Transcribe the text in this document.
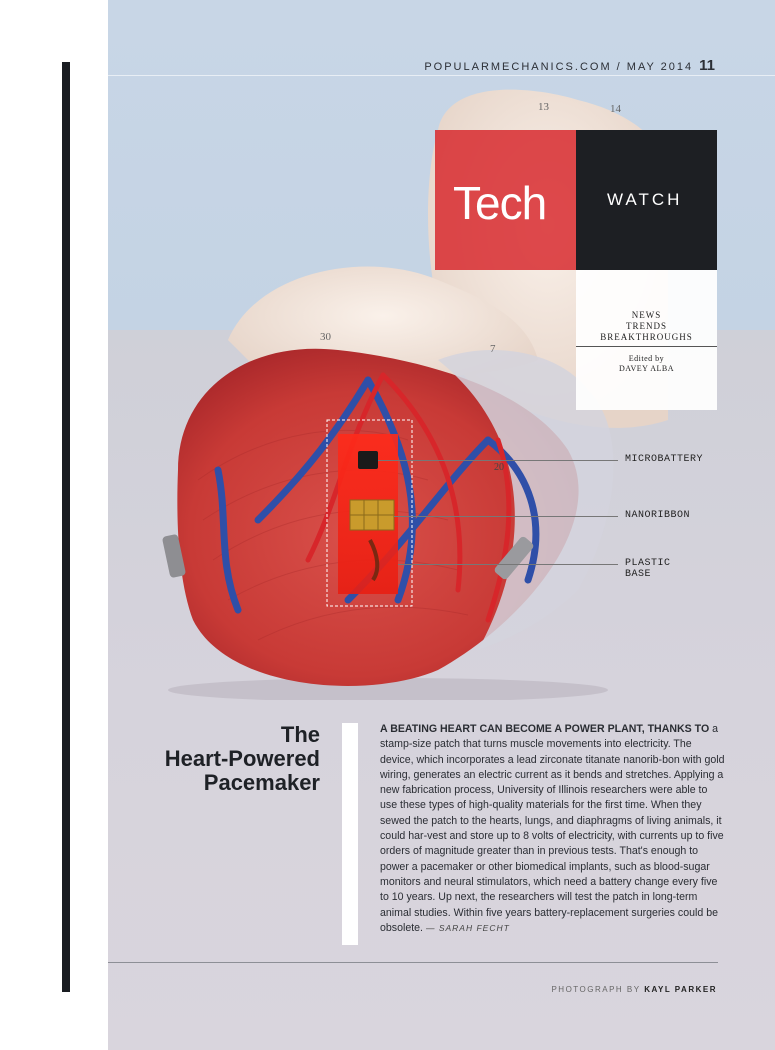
POPULARMECHANICS.COM / MAY 2014 11
13	14
30
7
20
Tech	WATCH
NEWS
TRENDS
BREAKTHROUGHS
Edited by
DAVEY ALBA
MICROBATTERY
NANORIBBON
PLASTIC BASE
The
Heart-Powered
Pacemaker
A BEATING HEART CAN BECOME A POWER PLANT, THANKS TO a stamp-size patch that turns muscle movements into electricity. The device, which incorporates a lead zirconate titanate nanorib-bon with gold wiring, generates an electric current as it bends and stretches. Applying a new fabrication process, University of Illinois researchers were able to use these types of high-quality materials for the first time. When they sewed the patch to the hearts, lungs, and diaphragms of living animals, it could har-vest and store up to 8 volts of electricity, with currents up to five orders of magnitude greater than in previous tests. That's enough to power a pacemaker or other biomedical implants, such as blood-sugar monitors and neural stimulators, which need a battery change every five to 10 years. Up next, the researchers will test the patch in long-term animal studies. Within five years battery-replacement surgeries could be obsolete. — SARAH FECHT
PHOTOGRAPH BY KAYL PARKER
